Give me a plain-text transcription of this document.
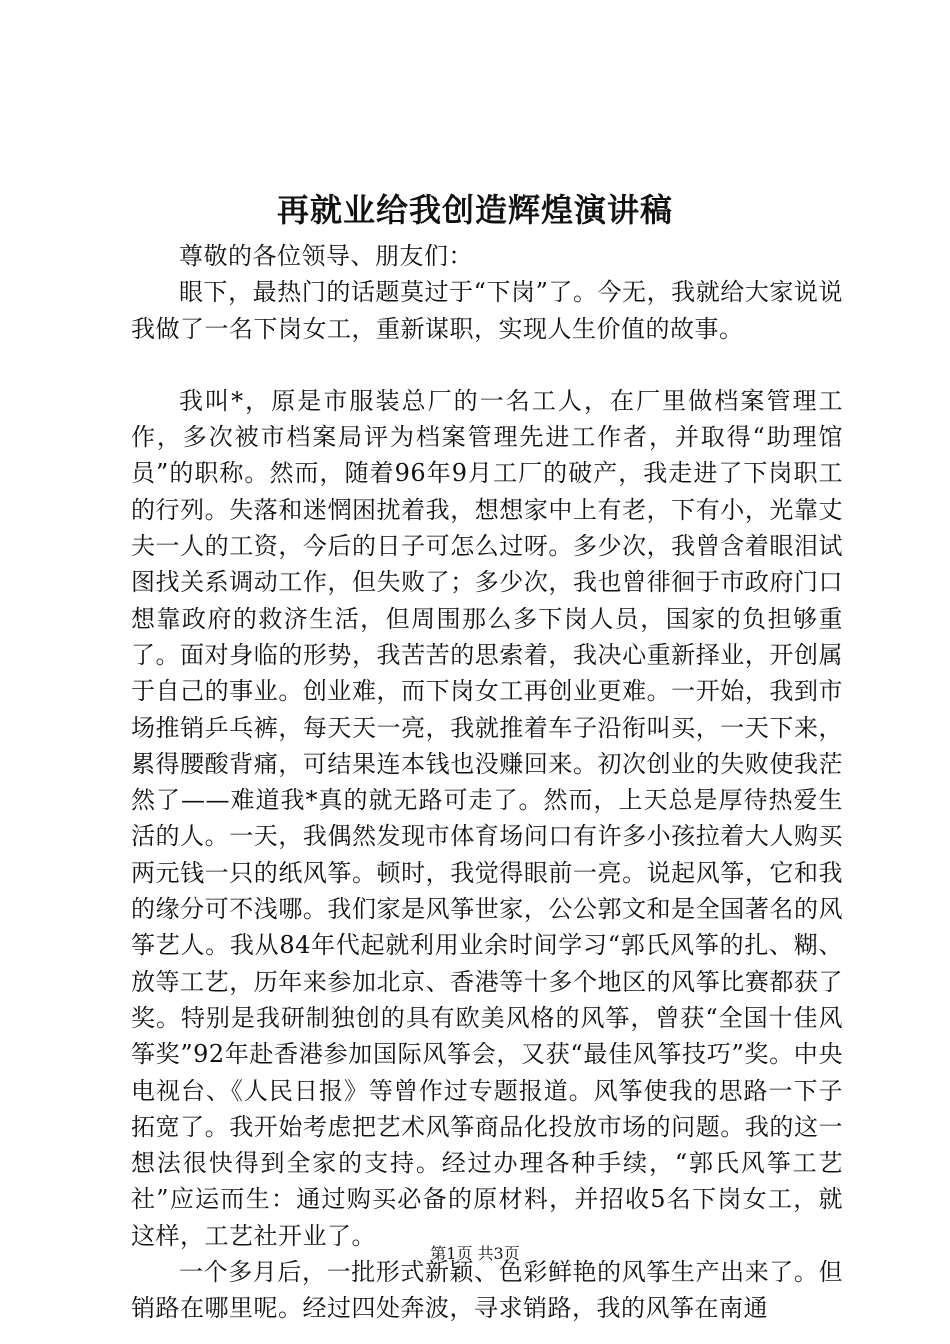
再就业给我创造辉煌演讲稿

尊敬的各位领导、朋友们：

眼下，最热门的话题莫过于“下岗”了。今无，我就给大家说说我做了一名下岗女工，重新谋职，实现人生价值的故事。

我叫*，原是市服装总厂的一名工人，在厂里做档案管理工作，多次被市档案局评为档案管理先进工作者，并取得“助理馆员”的职称。然而，随着96年9月工厂的破产，我走进了下岗职工的行列。失落和迷惘困扰着我，想想家中上有老，下有小，光靠丈夫一人的工资，今后的日子可怎么过呀。多少次，我曾含着眼泪试图找关系调动工作，但失败了；多少次，我也曾徘徊于市政府门口想靠政府的救济生活，但周围那么多下岗人员，国家的负担够重了。面对身临的形势，我苦苦的思索着，我决心重新择业，开创属于自己的事业。创业难，而下岗女工再创业更难。一开始，我到市场推销乒乓裤，每天天一亮，我就推着车子沿衔叫买，一天下来，累得腰酸背痛，可结果连本钱也没赚回来。初次创业的失败使我茫然了——难道我*真的就无路可走了。然而，上天总是厚待热爱生活的人。一天，我偶然发现市体育场问口有许多小孩拉着大人购买两元钱一只的纸风筝。顿时，我觉得眼前一亮。说起风筝，它和我的缘分可不浅哪。我们家是风筝世家，公公郭文和是全国著名的风筝艺人。我从84年代起就利用业余时间学习“郭氏风筝的扎、糊、放等工艺，历年来参加北京、香港等十多个地区的风筝比赛都获了奖。特别是我研制独创的具有欧美风格的风筝，曾获“全国十佳风筝奖”92年赴香港参加国际风筝会，又获“最佳风筝技巧”奖。中央电视台、《人民日报》等曾作过专题报道。风筝使我的思路一下子拓宽了。我开始考虑把艺术风筝商品化投放市场的问题。我的这一想法很快得到全家的支持。经过办理各种手续，“郭氏风筝工艺社”应运而生：通过购买必备的原材料，并招收5名下岗女工，就这样，工艺社开业了。

一个多月后，一批形式新颖、色彩鲜艳的风筝生产出来了。但销路在哪里呢。经过四处奔波，寻求销路，我的风筝在南通

第1页 共3页
